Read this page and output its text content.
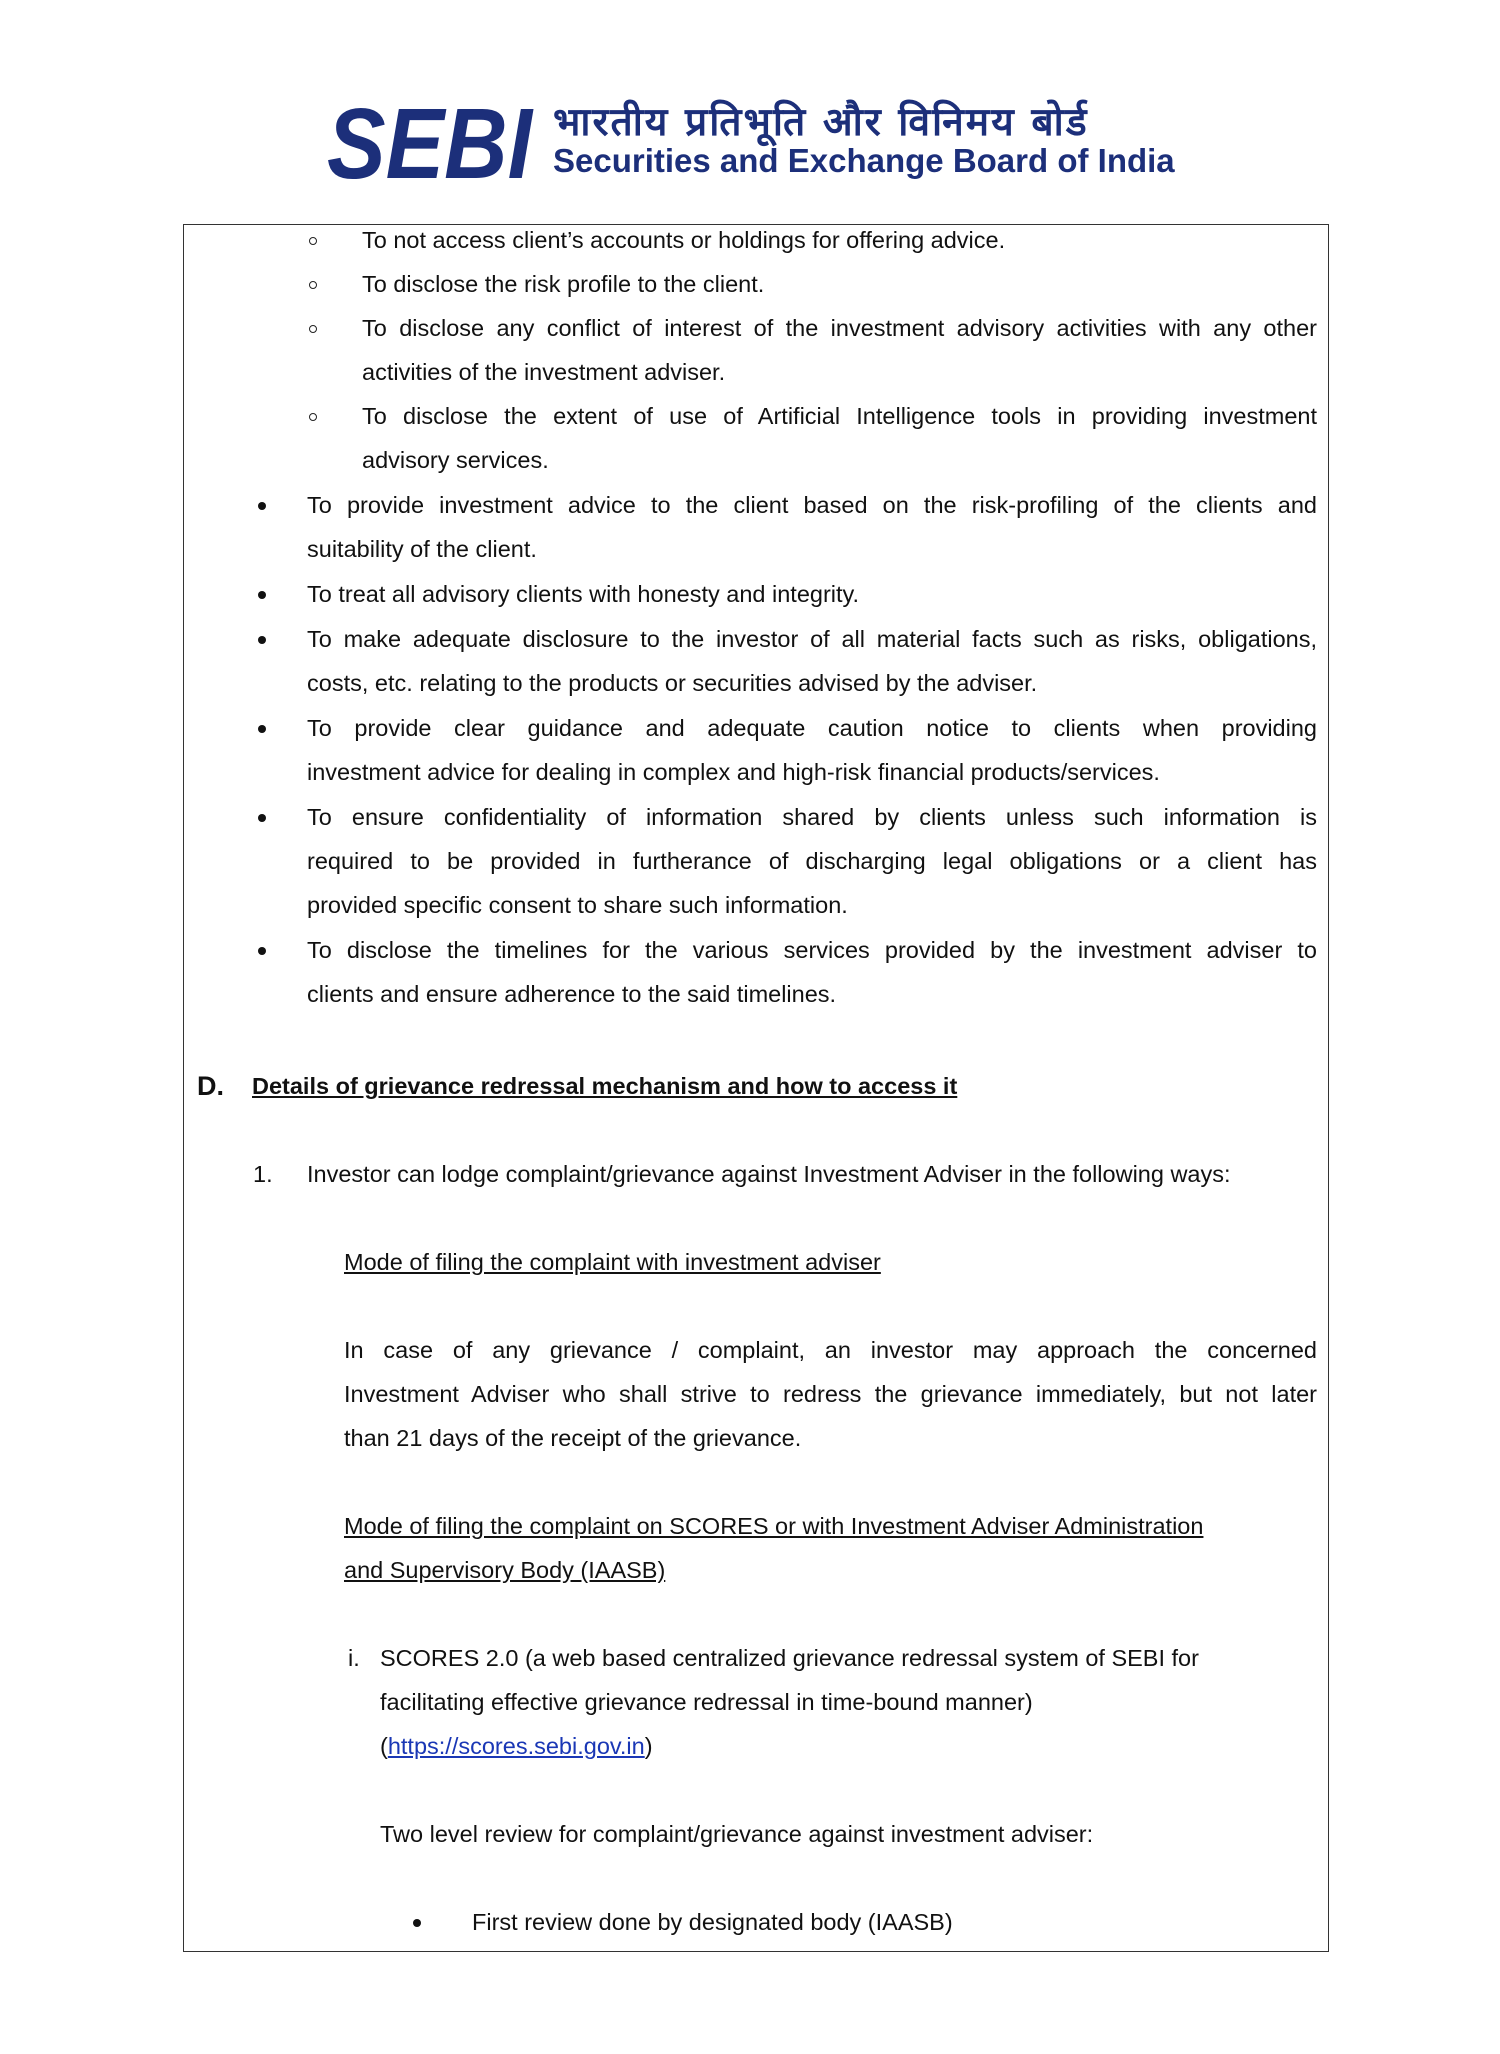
SEBI भारतीय प्रतिभूति और विनिमय बोर्ड
Securities and Exchange Board of India
To not access client’s accounts or holdings for offering advice.
To disclose the risk profile to the client.
To disclose any conflict of interest of the investment advisory activities with any other
activities of the investment adviser.
To disclose the extent of use of Artificial Intelligence tools in providing investment
advisory services.
To provide investment advice to the client based on the risk-profiling of the clients and
suitability of the client.
To treat all advisory clients with honesty and integrity.
To make adequate disclosure to the investor of all material facts such as risks, obligations,
costs, etc. relating to the products or securities advised by the adviser.
To provide clear guidance and adequate caution notice to clients when providing
investment advice for dealing in complex and high-risk financial products/services.
To ensure confidentiality of information shared by clients unless such information is
required to be provided in furtherance of discharging legal obligations or a client has
provided specific consent to share such information.
To disclose the timelines for the various services provided by the investment adviser to
clients and ensure adherence to the said timelines.
D. Details of grievance redressal mechanism and how to access it
1. Investor can lodge complaint/grievance against Investment Adviser in the following ways:
Mode of filing the complaint with investment adviser
In case of any grievance / complaint, an investor may approach the concerned
Investment Adviser who shall strive to redress the grievance immediately, but not later
than 21 days of the receipt of the grievance.
Mode of filing the complaint on SCORES or with Investment Adviser Administration
and Supervisory Body (IAASB)
i. SCORES 2.0 (a web based centralized grievance redressal system of SEBI for
facilitating effective grievance redressal in time-bound manner)
(https://scores.sebi.gov.in)
Two level review for complaint/grievance against investment adviser:
First review done by designated body (IAASB)
